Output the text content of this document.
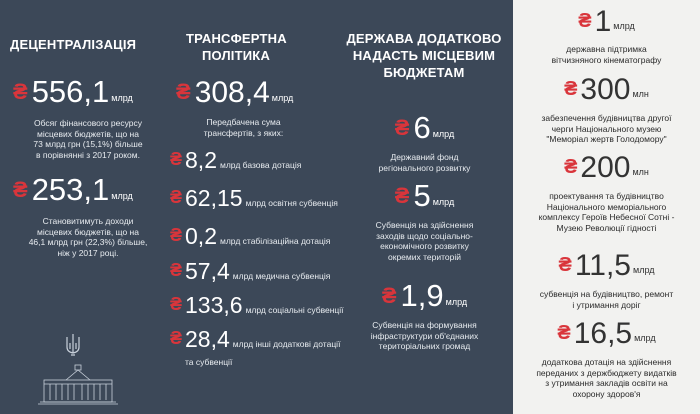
ДЕЦЕНТРАЛІЗАЦІЯ
₴ 556,1 млрд
Обсяг фінансового ресурсу
місцевих бюджетів, що на
73 млрд грн (15,1%) більше
в порівнянні з 2017 роком.
₴ 253,1 млрд
Становитимуть доходи
місцевих бюджетів, що на
46,1 млрд грн (22,3%) більше,
ніж у 2017 році.
ТРАНСФЕРТНА
ПОЛІТИКА
₴ 308,4 млрд
Передбачена сума
трансфертів, з яких:
₴ 8,2 млрд базова дотація
₴ 62,15 млрд освітня субвенція
₴ 0,2 млрд стабілізаційна дотація
₴ 57,4 млрд медична субвенція
₴ 133,6 млрд соціальні субвенції
₴ 28,4 млрд інші додаткові дотації
та субвенції
ДЕРЖАВА ДОДАТКОВО
НАДАСТЬ МІСЦЕВИМ
БЮДЖЕТАМ
₴ 6 млрд
Державний фонд
регіонального розвитку
₴ 5 млрд
Субвенція на здійснення
заходів щодо соціально-
економічного розвитку
окремих територій
₴ 1,9 млрд
Субвенція на формування
інфраструктури об'єднаних
територіальних громад
₴ 1 млрд
державна підтримка
вітчизняного кінематографу
₴ 300 млн
забезпечення будівництва другої
черги Національного музею
"Меморіал жертв Голодомору"
₴ 200 млн
проектування та будівництво
Національного меморіального
комплексу Героїв Небесної Сотні -
Музею Революції гідності
₴ 11,5 млрд
субвенція на будівництво, ремонт
і утримання доріг
₴ 16,5 млрд
додаткова дотація на здійснення
переданих з держбюджету видатків
з утримання закладів освіти на
охорону здоров'я
